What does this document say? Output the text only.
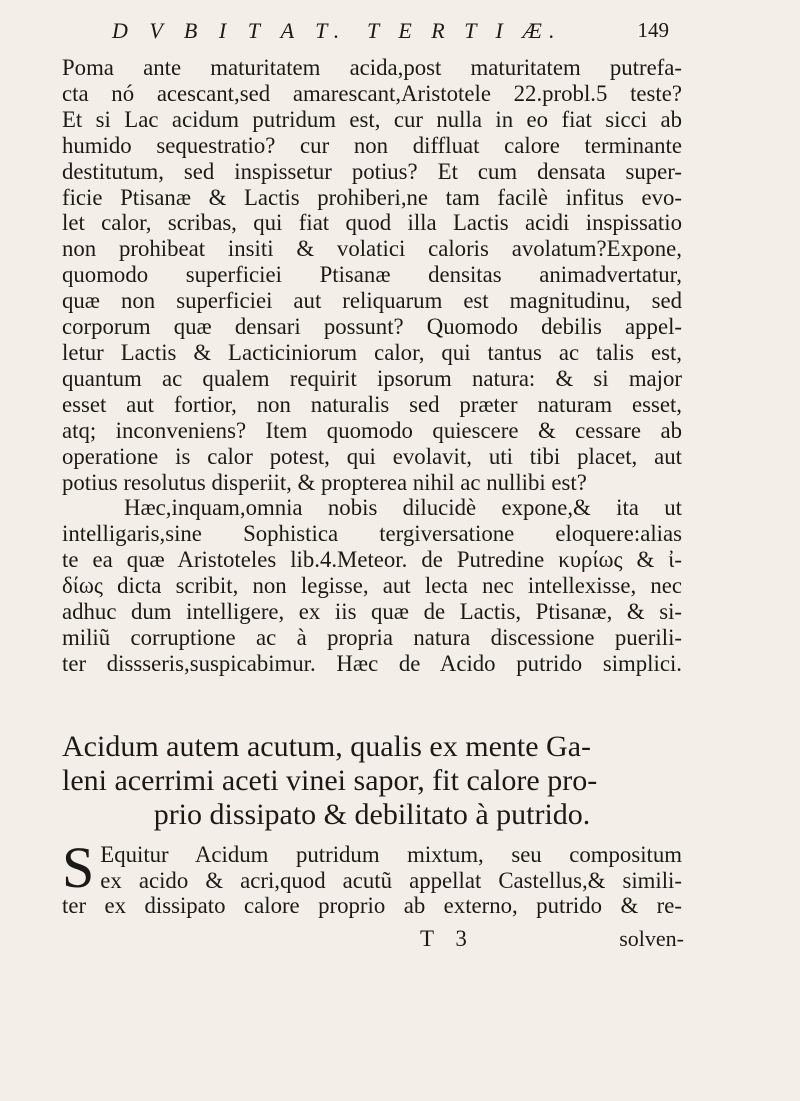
D V B I T A T. T E R T I Æ.	149
Poma ante maturitatem acida,post maturitatem putrefa-
cta nó acescant,sed amarescant,Aristotele 22.probl.5 teste?
Et si Lac acidum putridum est, cur nulla in eo fiat sicci ab
humido sequestratio? cur non diffluat calore terminante
destitutum, sed inspissetur potius? Et cum densata super-
ficie Ptisanæ & Lactis prohiberi,ne tam facilè infitus evo-
let calor, scribas, qui fiat quod illa Lactis acidi inspissatio
non prohibeat insiti & volatici caloris avolatum?Expone,
quomodo superficiei Ptisanæ densitas animadvertatur,
quæ non superficiei aut reliquarum est magnitudinu, sed
corporum quæ densari possunt? Quomodo debilis appel-
letur Lactis & Lacticiniorum calor, qui tantus ac talis est,
quantum ac qualem requirit ipsorum natura: & si major
esset aut fortior, non naturalis sed præter naturam esset,
atq; inconveniens? Item quomodo quiescere & cessare ab
operatione is calor potest, qui evolavit, uti tibi placet, aut
potius resolutus disperiit, & propterea nihil ac nullibi est?
Hæc,inquam,omnia nobis dilucidè expone,& ita ut
intelligaris,sine Sophistica tergiversatione eloquere:alias
te ea quæ Aristoteles lib.4.Meteor. de Putredine κυρίως & ἰ-
δίως dicta scribit, non legisse, aut lecta nec intellexisse, nec
adhuc dum intelligere, ex iis quæ de Lactis, Ptisanæ, & si-
miliũ corruptione ac à propria natura discessione puerili-
ter dissseris,suspicabimur. Hæc de Acido putrido simplici.
Acidum autem acutum, qualis ex mente Ga-
leni acerrimi aceti vinei sapor, fit calore pro-
prio dissipato & debilitato à putrido.
S Equitur Acidum putridum mixtum, seu compositum
ex acido & acri,quod acutũ appellat Castellus,& simili-
ter ex dissipato calore proprio ab externo, putrido & re-
T 3	solven-
